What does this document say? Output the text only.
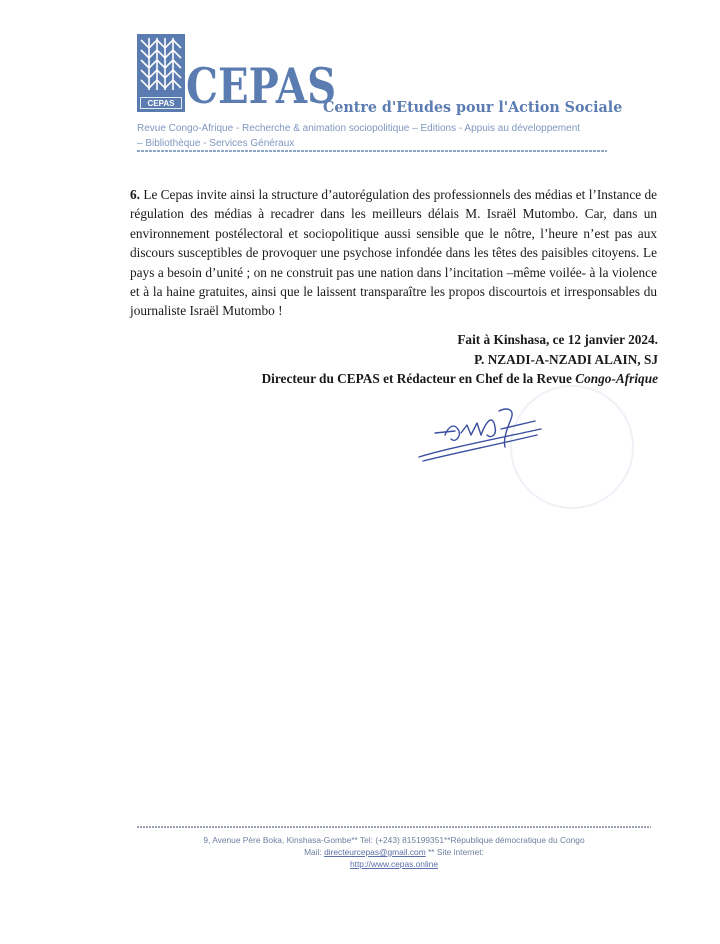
CEPAS CEPAS
Centre d'Etudes pour l'Action Sociale
Revue Congo-Afrique - Recherche & animation sociopolitique – Editions - Appuis au développement
– Bibliothèque - Services Généraux
6. Le Cepas invite ainsi la structure d’autorégulation des professionnels des médias et l’Instance de régulation des médias à recadrer dans les meilleurs délais M. Israël Mutombo. Car, dans un environnement postélectoral et sociopolitique aussi sensible que le nôtre, l’heure n’est pas aux discours susceptibles de provoquer une psychose infondée dans les têtes des paisibles citoyens. Le pays a besoin d’unité ; on ne construit pas une nation dans l’incitation –même voilée- à la violence et à la haine gratuites, ainsi que le laissent transparaître les propos discourtois et irresponsables du journaliste Israël Mutombo !
Fait à Kinshasa, ce 12 janvier 2024.
P. NZADI-A-NZADI ALAIN, SJ
Directeur du CEPAS et Rédacteur en Chef de la Revue Congo-Afrique
9, Avenue Père Boka, Kinshasa-Gombe** Tel: (+243) 815199351**République démocratique du Congo
Mail: directeurcepas@gmail.com ** Site internet:
http://www.cepas.online
